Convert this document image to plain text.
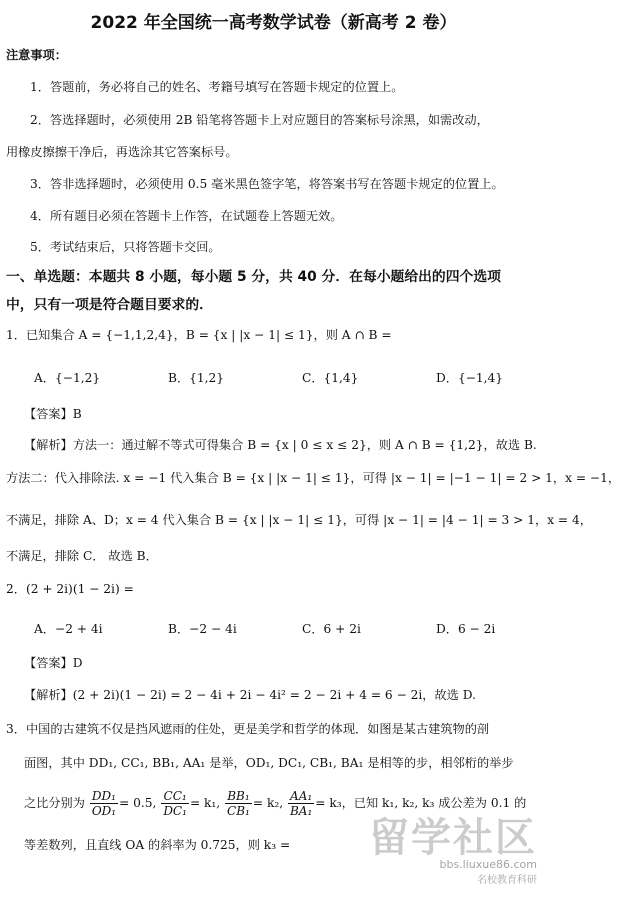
2022 年全国统一高考数学试卷（新高考 2 卷）
注意事项：
1．答题前，务必将自己的姓名、考籍号填写在答题卡规定的位置上。
2．答选择题时，必须使用 2B 铅笔将答题卡上对应题目的答案标号涂黑，如需改动，
用橡皮擦擦干净后，再选涂其它答案标号。
3．答非选择题时，必须使用 0.5 毫米黑色签字笔，将答案书写在答题卡规定的位置上。
4．所有题目必须在答题卡上作答，在试题卷上答题无效。
5．考试结束后，只将答题卡交回。
一、单选题：本题共 8 小题，每小题 5 分，共 40 分．在每小题给出的四个选项
中，只有一项是符合题目要求的．
1．已知集合 A = {−1,1,2,4}，B = {x | |x − 1| ≤ 1}，则 A ∩ B =
A．{−1,2}	B．{1,2}	C．{1,4}	D．{−1,4}
【答案】B
【解析】方法一：通过解不等式可得集合 B = {x | 0 ≤ x ≤ 2}，则 A ∩ B = {1,2}，故选 B.
方法二：代入排除法. x = −1 代入集合 B = {x | |x − 1| ≤ 1}，可得 |x − 1| = |−1 − 1| = 2 > 1，x = −1，
不满足，排除 A、D；x = 4 代入集合 B = {x | |x − 1| ≤ 1}，可得 |x − 1| = |4 − 1| = 3 > 1，x = 4，
不满足，排除 C． 故选 B．
2．(2 + 2i)(1 − 2i) =
A．−2 + 4i	B．−2 − 4i	C．6 + 2i	D．6 − 2i
【答案】D
【解析】(2 + 2i)(1 − 2i) = 2 − 4i + 2i − 4i² = 2 − 2i + 4 = 6 − 2i，故选 D.
3．中国的古建筑不仅是挡风遮雨的住处，更是美学和哲学的体现．如图是某古建筑物的剖
面图，其中 DD₁, CC₁, BB₁, AA₁ 是举，OD₁, DC₁, CB₁, BA₁ 是相等的步，相邻桁的举步
之比分别为 $\frac{\text{DD₁}}{\text{OD₁}} = 0.5$, $\frac{\text{CC₁}}{\text{DC₁}} = k_1$, $\frac{\text{BB₁}}{\text{CB₁}} = k_2$, $\frac{\text{AA₁}}{\text{BA₁}} = k_3$，已知 k₁, k₂, k₃ 成公差为 0.1 的
等差数列，且直线 OA 的斜率为 0.725，则 k₃ = 留学社区
bbs.liuxue86.com
名校教育科研
